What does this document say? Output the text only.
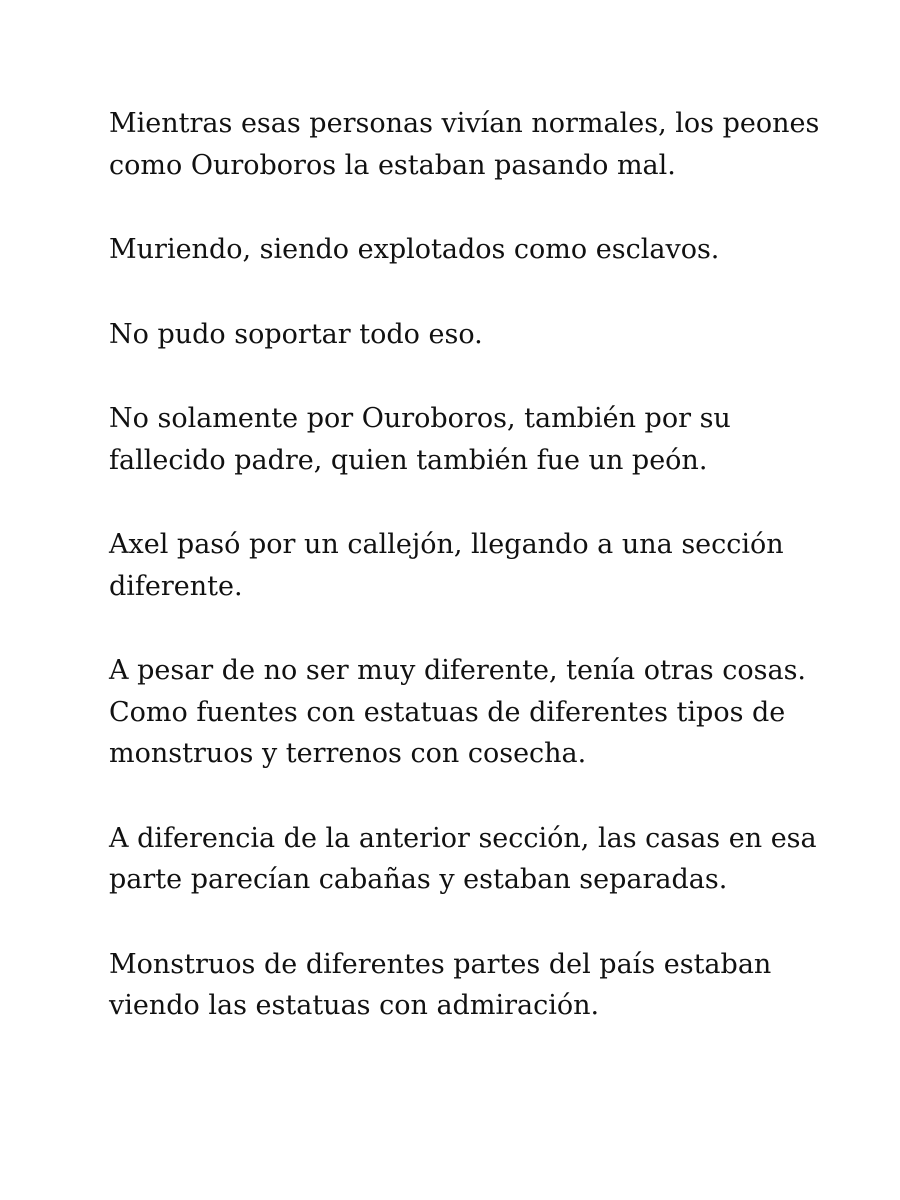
Mientras esas personas vivían normales, los peones como Ouroboros la estaban pasando mal.

Muriendo, siendo explotados como esclavos.

No pudo soportar todo eso.

No solamente por Ouroboros, también por su fallecido padre, quien también fue un peón.

Axel pasó por un callejón, llegando a una sección diferente.

A pesar de no ser muy diferente, tenía otras cosas. Como fuentes con estatuas de diferentes tipos de monstruos y terrenos con cosecha.

A diferencia de la anterior sección, las casas en esa parte parecían cabañas y estaban separadas.

Monstruos de diferentes partes del país estaban viendo las estatuas con admiración.
